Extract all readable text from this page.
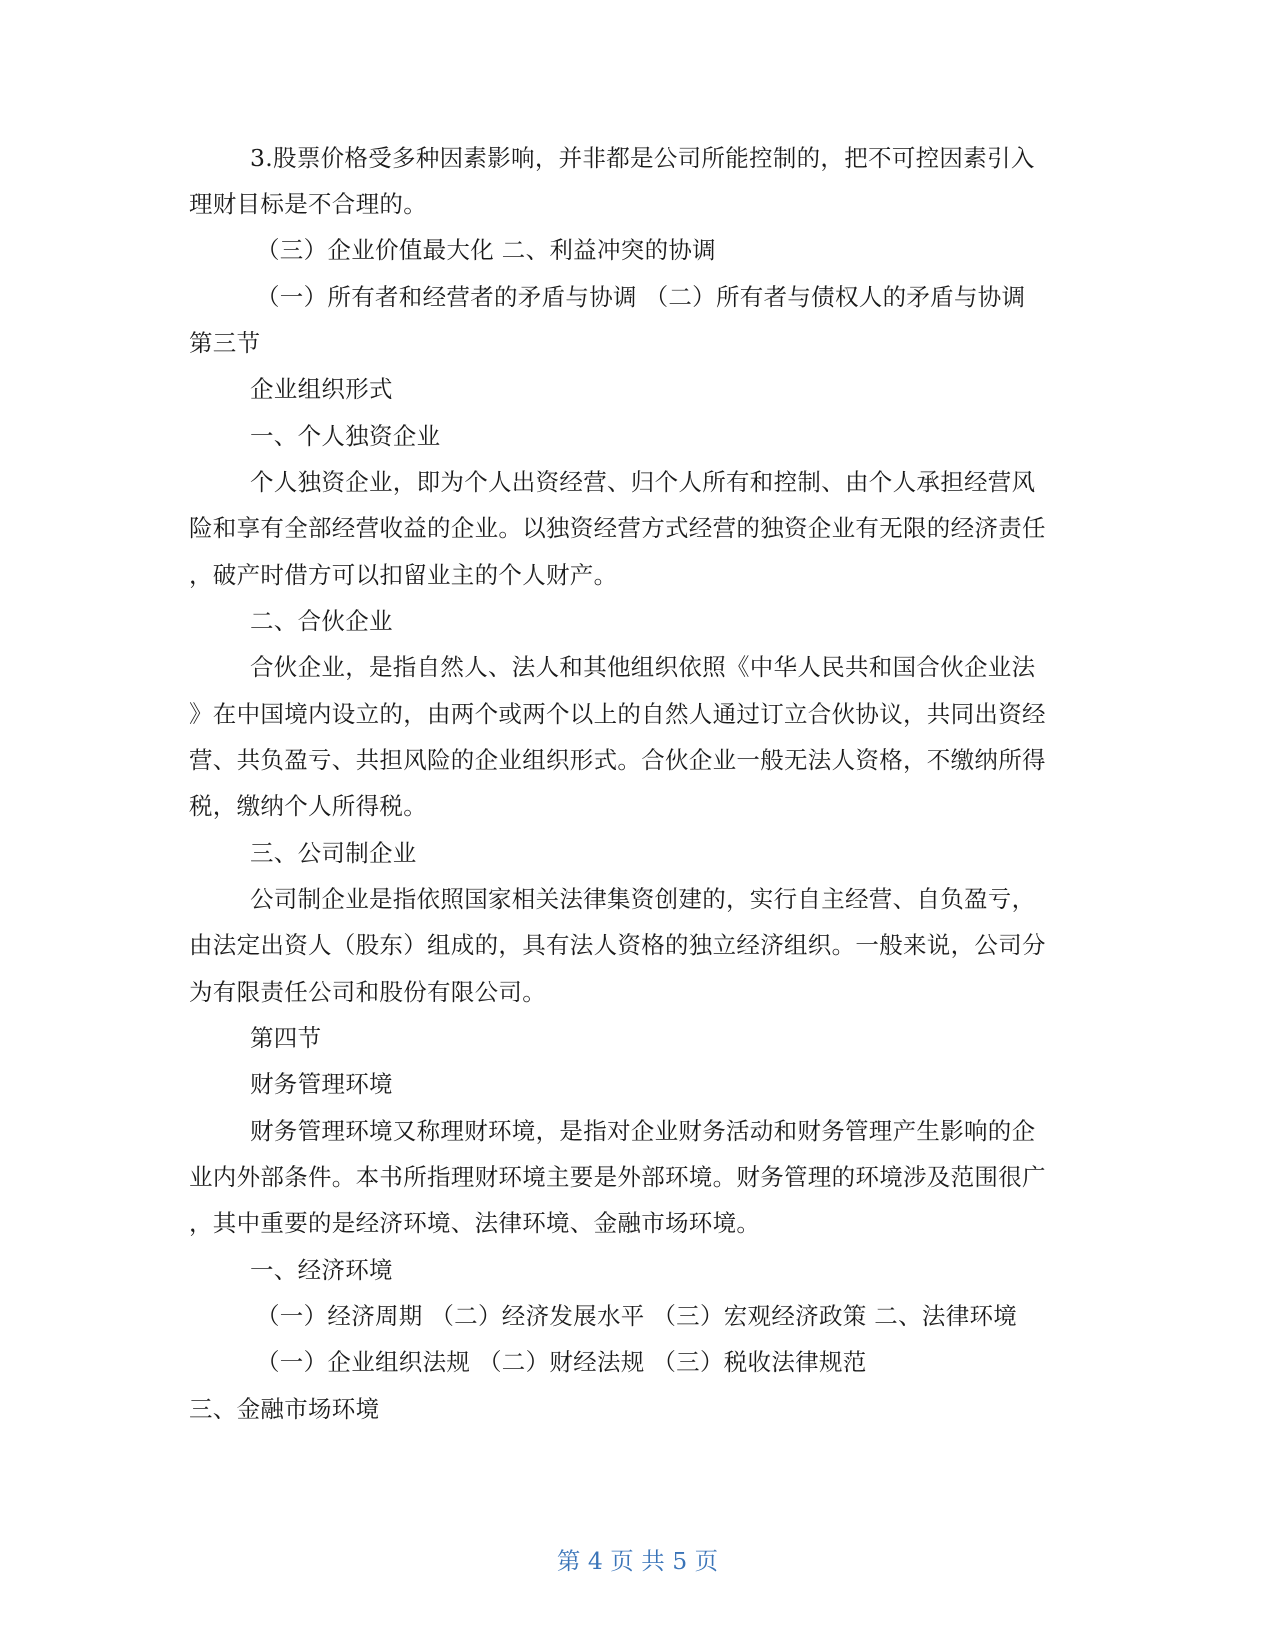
3.股票价格受多种因素影响，并非都是公司所能控制的，把不可控因素引入
理财目标是不合理的。
（三）企业价值最大化 二、利益冲突的协调
（一）所有者和经营者的矛盾与协调 （二）所有者与债权人的矛盾与协调
第三节
企业组织形式
一、个人独资企业
个人独资企业，即为个人出资经营、归个人所有和控制、由个人承担经营风
险和享有全部经营收益的企业。以独资经营方式经营的独资企业有无限的经济责任
，破产时借方可以扣留业主的个人财产。
二、合伙企业
合伙企业，是指自然人、法人和其他组织依照《中华人民共和国合伙企业法
》在中国境内设立的，由两个或两个以上的自然人通过订立合伙协议，共同出资经
营、共负盈亏、共担风险的企业组织形式。合伙企业一般无法人资格，不缴纳所得
税，缴纳个人所得税。
三、公司制企业
公司制企业是指依照国家相关法律集资创建的，实行自主经营、自负盈亏，
由法定出资人（股东）组成的，具有法人资格的独立经济组织。一般来说，公司分
为有限责任公司和股份有限公司。
第四节
财务管理环境
财务管理环境又称理财环境，是指对企业财务活动和财务管理产生影响的企
业内外部条件。本书所指理财环境主要是外部环境。财务管理的环境涉及范围很广
，其中重要的是经济环境、法律环境、金融市场环境。
一、经济环境
（一）经济周期 （二）经济发展水平 （三）宏观经济政策 二、法律环境
（一）企业组织法规 （二）财经法规 （三）税收法律规范
三、金融市场环境
第 4 页 共 5 页
